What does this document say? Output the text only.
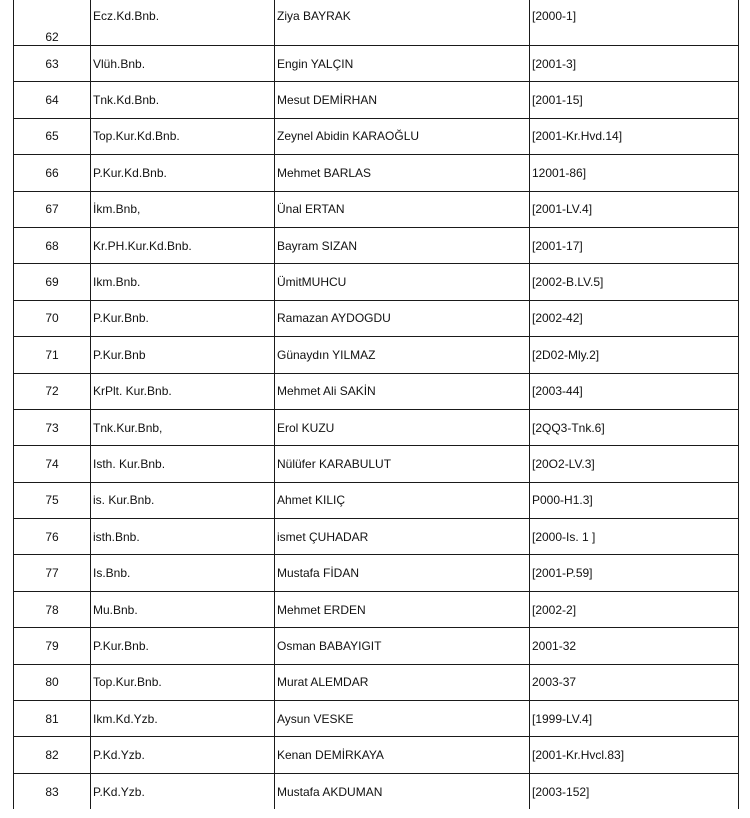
62	Ecz.Kd.Bnb.	Ziya BAYRAK	[2000-1]
63	Vlüh.Bnb.	Engin YALÇIN	[2001-3]
64	Tnk.Kd.Bnb.	Mesut DEMİRHAN	[2001-15]
65	Top.Kur.Kd.Bnb.	Zeynel Abidin KARAOĞLU	[2001-Kr.Hvd.14]
66	P.Kur.Kd.Bnb.	Mehmet BARLAS	12001-86]
67	İkm.Bnb,	Ünal ERTAN	[2001-LV.4]
68	Kr.PH.Kur.Kd.Bnb.	Bayram SIZAN	[2001-17]
69	Ikm.Bnb.	ÜmitMUHCU	[2002-B.LV.5]
70	P.Kur.Bnb.	Ramazan AYDOGDU	[2002-42]
71	P.Kur.Bnb	Günaydın YILMAZ	[2D02-Mly.2]
72	KrPlt. Kur.Bnb.	Mehmet Ali SAKİN	[2003-44]
73	Tnk.Kur.Bnb,	Erol KUZU	[2QQ3-Tnk.6]
74	Isth. Kur.Bnb.	Nülüfer KARABULUT	[20O2-LV.3]
75	is. Kur.Bnb.	Ahmet KILIÇ	P000-H1.3]
76	isth.Bnb.	ismet ÇUHADAR	[2000-Is. 1 ]
77	Is.Bnb.	Mustafa FİDAN	[2001-P.59]
78	Mu.Bnb.	Mehmet ERDEN	[2002-2]
79	P.Kur.Bnb.	Osman BABAYIGIT	2001-32
80	Top.Kur.Bnb.	Murat ALEMDAR	2003-37
81	Ikm.Kd.Yzb.	Aysun VESKE	[1999-LV.4]
82	P.Kd.Yzb.	Kenan DEMİRKAYA	[2001-Kr.Hvcl.83]
83	P.Kd.Yzb.	Mustafa AKDUMAN	[2003-152]
